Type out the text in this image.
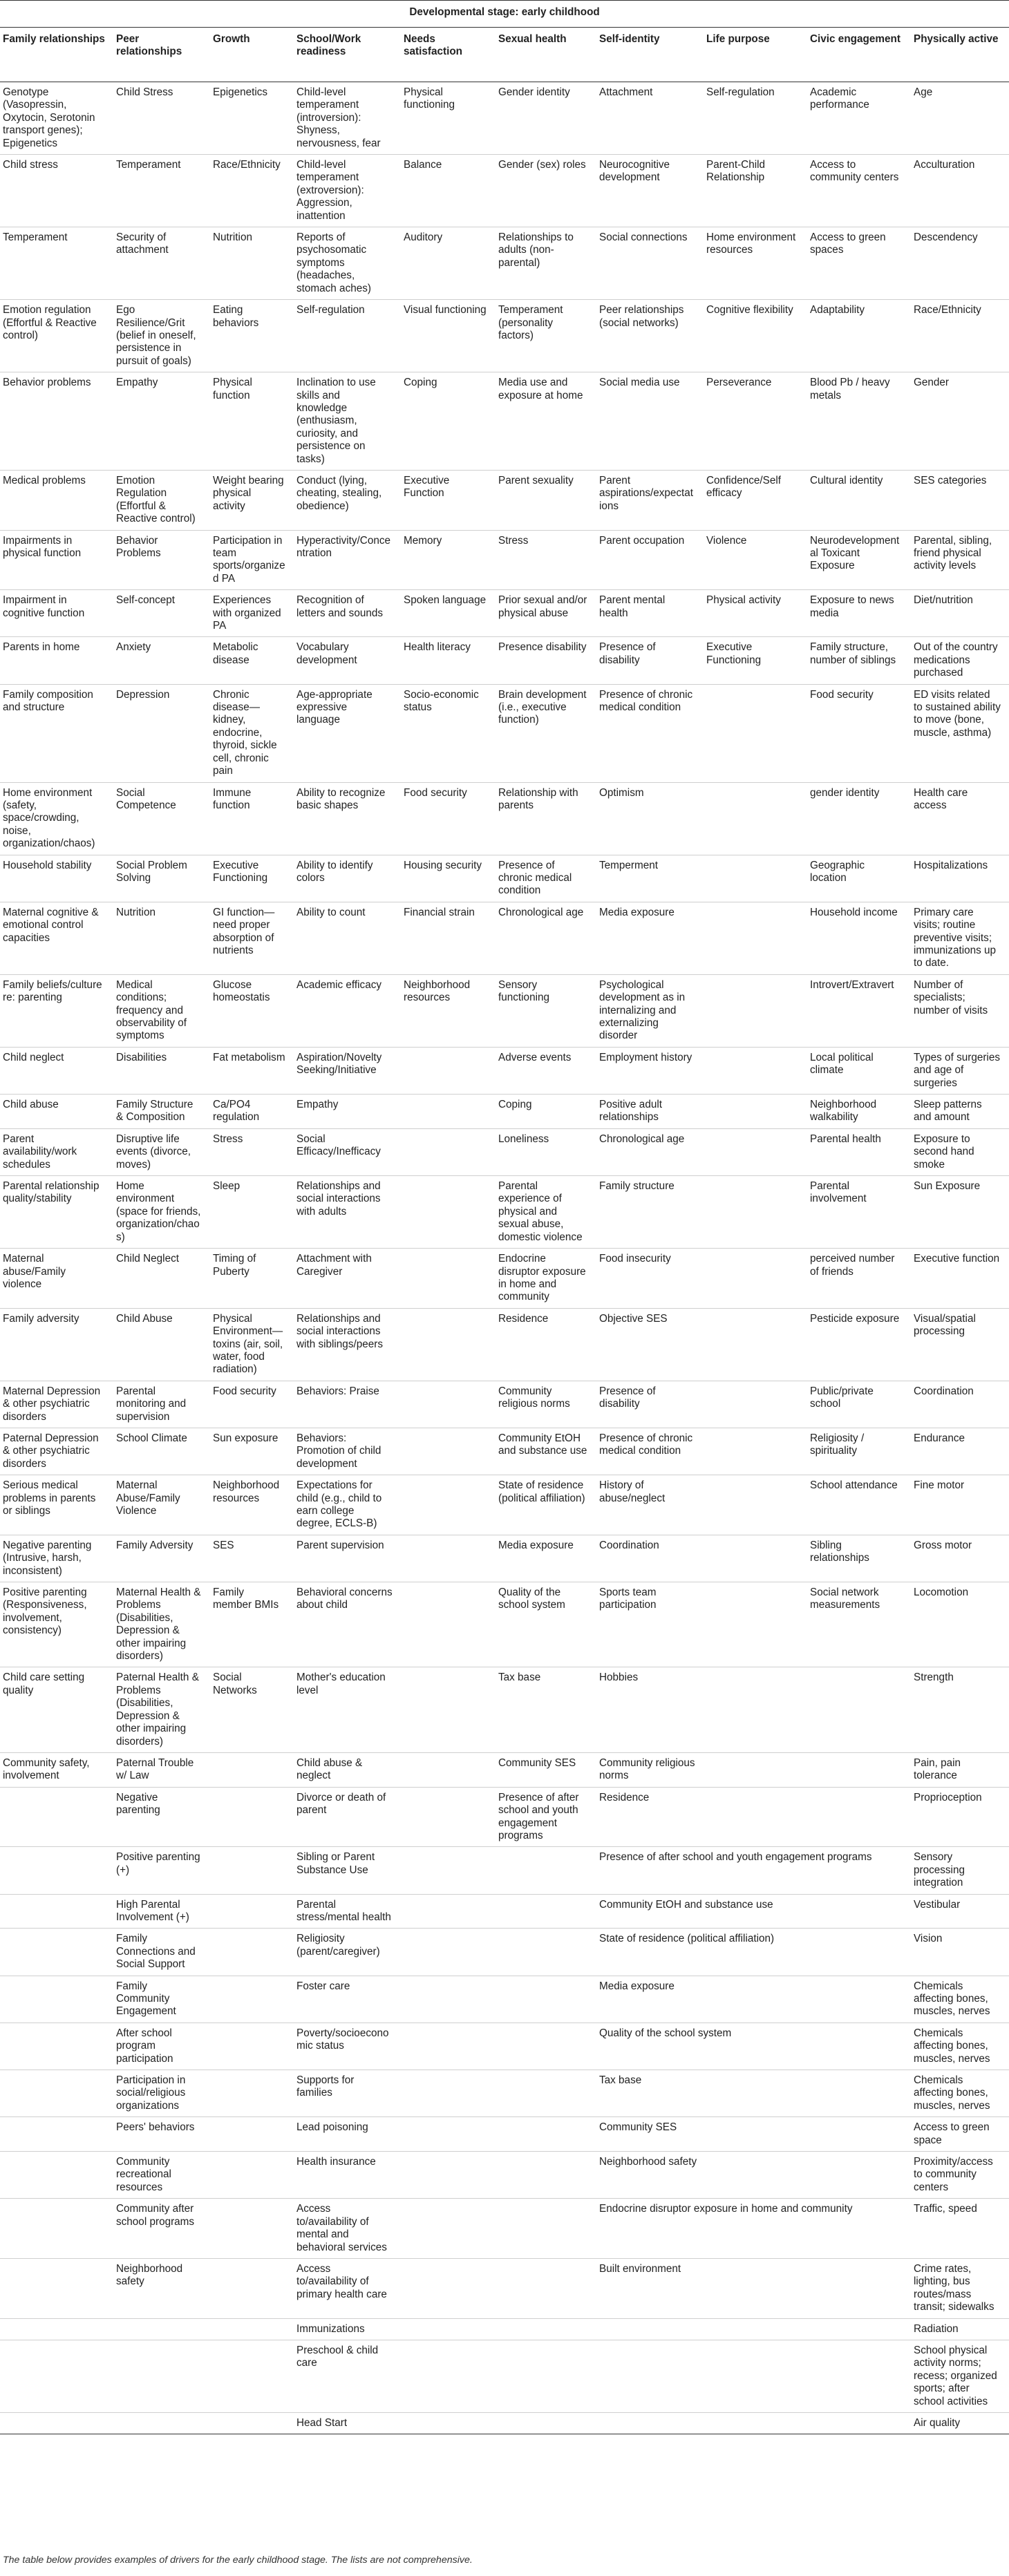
Developmental stage: early childhood									
Family relationships	Peer relationships	Growth	School/Work readiness	Needs satisfaction	Sexual health	Self-identity	Life purpose	Civic engagement	Physically active
Genotype (Vasopressin, Oxytocin, Serotonin transport genes); Epigenetics	Child Stress	Epigenetics	Child-level temperament (introversion): Shyness, nervousness, fear	Physical functioning	Gender identity	Attachment	Self-regulation	Academic performance	Age
Child stress	Temperament	Race/Ethnicity	Child-level temperament (extroversion): Aggression, inattention	Balance	Gender (sex) roles	Neurocognitive development	Parent-Child Relationship	Access to community centers	Acculturation
Temperament	Security of attachment	Nutrition	Reports of psychosomatic symptoms (headaches, stomach aches)	Auditory	Relationships to adults (non-parental)	Social connections	Home environment resources	Access to green spaces	Descendency
Emotion regulation (Effortful & Reactive control)	Ego Resilience/Grit (belief in oneself, persistence in pursuit of goals)	Eating behaviors	Self-regulation	Visual functioning	Temperament (personality factors)	Peer relationships (social networks)	Cognitive flexibility	Adaptability	Race/Ethnicity
Behavior problems	Empathy	Physical function	Inclination to use skills and knowledge (enthusiasm, curiosity, and persistence on tasks)	Coping	Media use and exposure at home	Social media use	Perseverance	Blood Pb / heavy metals	Gender
Medical problems	Emotion Regulation (Effortful & Reactive control)	Weight bearing physical activity	Conduct (lying, cheating, stealing, obedience)	Executive Function	Parent sexuality	Parent aspirations/expectations	Confidence/Self efficacy	Cultural identity	SES categories
Impairments in physical function	Behavior Problems	Participation in team sports/organized PA	Hyperactivity/Concentration	Memory	Stress	Parent occupation	Violence	Neurodevelopmental Toxicant Exposure	Parental, sibling, friend physical activity levels
Impairment in cognitive function	Self-concept	Experiences with organized PA	Recognition of letters and sounds	Spoken language	Prior sexual and/or physical abuse	Parent mental health	Physical activity	Exposure to news media	Diet/nutrition
Parents in home	Anxiety	Metabolic disease	Vocabulary development	Health literacy	Presence disability	Presence of disability	Executive Functioning	Family structure, number of siblings	Out of the country medications purchased
Family composition and structure	Depression	Chronic disease—kidney, endocrine, thyroid, sickle cell, chronic pain	Age-appropriate expressive language	Socio-economic status	Brain development (i.e., executive function)	Presence of chronic medical condition		Food security	ED visits related to sustained ability to move (bone, muscle, asthma)
Home environment (safety, space/crowding, noise, organization/chaos)	Social Competence	Immune function	Ability to recognize basic shapes	Food security	Relationship with parents	Optimism		gender identity	Health care access
Household stability	Social Problem Solving	Executive Functioning	Ability to identify colors	Housing security	Presence of chronic medical condition	Temperment		Geographic location	Hospitalizations
Maternal cognitive & emotional control capacities	Nutrition	GI function—need proper absorption of nutrients	Ability to count	Financial strain	Chronological age	Media exposure		Household income	Primary care visits; routine preventive visits; immunizations up to date.
Family beliefs/culture re: parenting	Medical conditions; frequency and observability of symptoms	Glucose homeostatis	Academic efficacy	Neighborhood resources	Sensory functioning	Psychological development as in internalizing and externalizing disorder		Introvert/Extravert	Number of specialists; number of visits
Child neglect	Disabilities	Fat metabolism	Aspiration/Novelty Seeking/Initiative		Adverse events	Employment history		Local political climate	Types of surgeries and age of surgeries
Child abuse	Family Structure & Composition	Ca/PO4 regulation	Empathy		Coping	Positive adult relationships		Neighborhood walkability	Sleep patterns and amount
Parent availability/work schedules	Disruptive life events (divorce, moves)	Stress	Social Efficacy/Inefficacy		Loneliness	Chronological age		Parental health	Exposure to second hand smoke
Parental relationship quality/stability	Home environment (space for friends, organization/chaos)	Sleep	Relationships and social interactions with adults		Parental experience of physical and sexual abuse, domestic violence	Family structure		Parental involvement	Sun Exposure
Maternal abuse/Family violence	Child Neglect	Timing of Puberty	Attachment with Caregiver		Endocrine disruptor exposure in home and community	Food insecurity		perceived number of friends	Executive function
Family adversity	Child Abuse	Physical Environment—toxins (air, soil, water, food radiation)	Relationships and social interactions with siblings/peers		Residence	Objective SES		Pesticide exposure	Visual/spatial processing
Maternal Depression & other psychiatric disorders	Parental monitoring and supervision	Food security	Behaviors: Praise		Community religious norms	Presence of disability		Public/private school	Coordination
Paternal Depression & other psychiatric disorders	School Climate	Sun exposure	Behaviors: Promotion of child development		Community EtOH and substance use	Presence of chronic medical condition		Religiosity / spirituality	Endurance
Serious medical problems in parents or siblings	Maternal Abuse/Family Violence	Neighborhood resources	Expectations for child (e.g., child to earn college degree, ECLS-B)		State of residence (political affiliation)	History of abuse/neglect		School attendance	Fine motor
Negative parenting (Intrusive, harsh, inconsistent)	Family Adversity	SES	Parent supervision		Media exposure	Coordination		Sibling relationships	Gross motor
Positive parenting (Responsiveness, involvement, consistency)	Maternal Health & Problems (Disabilities, Depression & other impairing disorders)	Family member BMIs	Behavioral concerns about child		Quality of the school system	Sports team participation		Social network measurements	Locomotion
Child care setting quality	Paternal Health & Problems (Disabilities, Depression & other impairing disorders)	Social Networks	Mother's education level		Tax base	Hobbies			Strength
Community safety, involvement	Paternal Trouble w/ Law		Child abuse & neglect		Community SES	Community religious norms			Pain, pain tolerance
	Negative parenting		Divorce or death of parent		Presence of after school and youth engagement programs	Residence			Proprioception
	Positive parenting (+)		Sibling or Parent Substance Use			Presence of after school and youth engagement programs			Sensory processing integration
	High Parental Involvement (+)		Parental stress/mental health			Community EtOH and substance use			Vestibular
	Family Connections and Social Support		Religiosity (parent/caregiver)			State of residence (political affiliation)			Vision
	Family Community Engagement		Foster care			Media exposure			Chemicals affecting bones, muscles, nerves
	After school program participation		Poverty/socioeconomic status			Quality of the school system			Chemicals affecting bones, muscles, nerves
	Participation in social/religious organizations		Supports for families			Tax base			Chemicals affecting bones, muscles, nerves
	Peers' behaviors		Lead poisoning			Community SES			Access to green space
	Community recreational resources		Health insurance			Neighborhood safety			Proximity/access to community centers
	Community after school programs		Access to/availability of mental and behavioral services			Endocrine disruptor exposure in home and community			Traffic, speed
	Neighborhood safety		Access to/availability of primary health care			Built environment			Crime rates, lighting, bus routes/mass transit; sidewalks
			Immunizations						Radiation
			Preschool & child care						School physical activity norms; recess; organized sports; after school activities
			Head Start						Air quality
The table below provides examples of drivers for the early childhood stage. The lists are not comprehensive.
